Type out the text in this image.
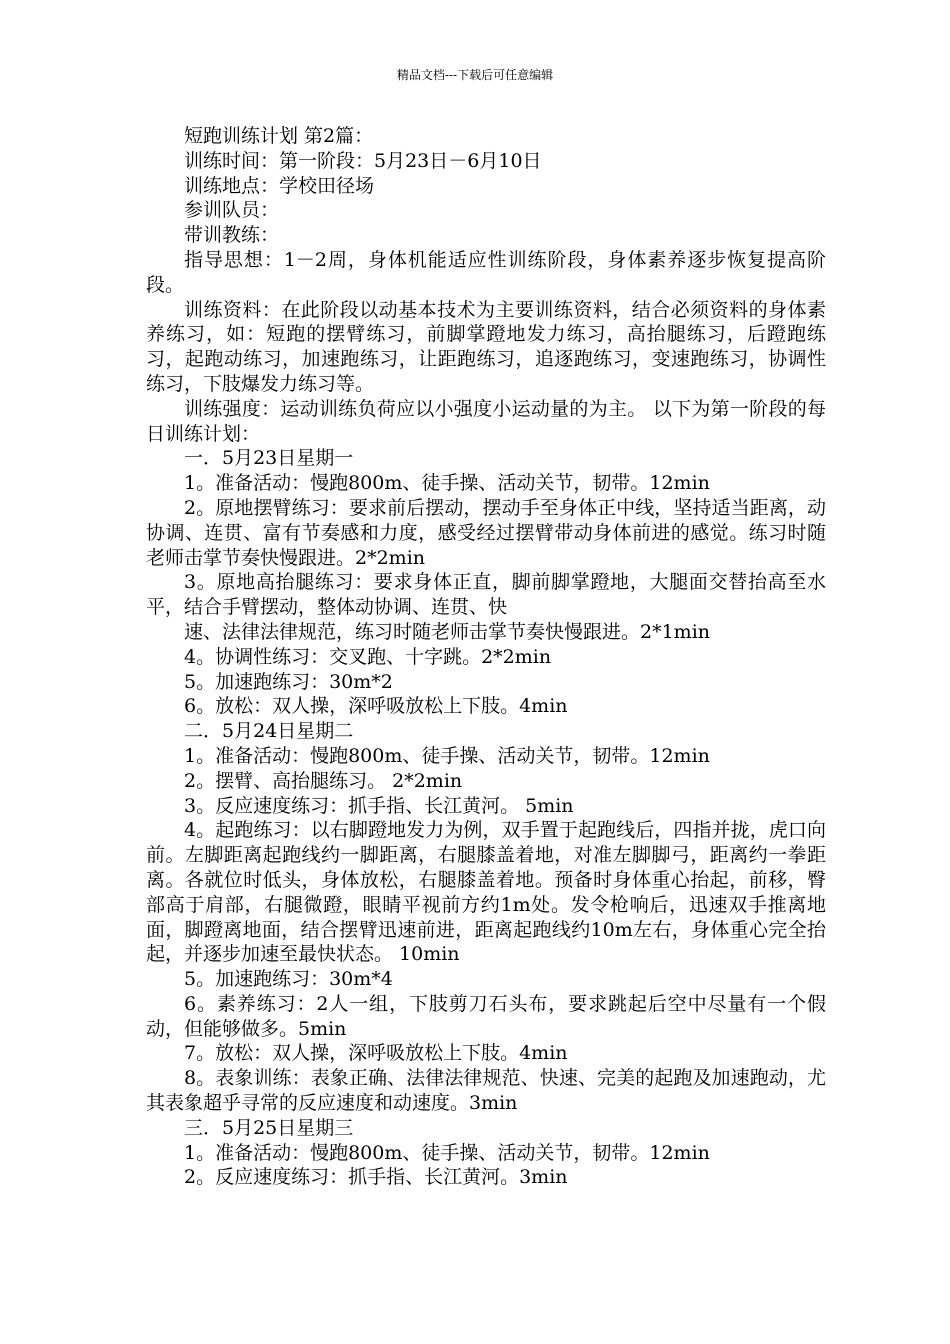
精品文档---下载后可任意编辑

短跑训练计划 第2篇：

训练时间：第一阶段：5月23日－6月10日

训练地点：学校田径场

参训队员：

带训教练：

指导思想：1－2周，身体机能适应性训练阶段，身体素养逐步恢复提高阶段。

训练资料：在此阶段以动基本技术为主要训练资料，结合必须资料的身体素养练习，如：短跑的摆臂练习，前脚掌蹬地发力练习，高抬腿练习，后蹬跑练习，起跑动练习，加速跑练习，让距跑练习，追逐跑练习，变速跑练习，协调性练习，下肢爆发力练习等。

训练强度：运动训练负荷应以小强度小运动量的为主。 以下为第一阶段的每日训练计划：

一．5月23日星期一

1。准备活动：慢跑800m、徒手操、活动关节，韧带。12min

2。原地摆臂练习：要求前后摆动，摆动手至身体正中线，坚持适当距离，动协调、连贯、富有节奏感和力度，感受经过摆臂带动身体前进的感觉。练习时随老师击掌节奏快慢跟进。2*2min

3。原地高抬腿练习：要求身体正直，脚前脚掌蹬地，大腿面交替抬高至水平，结合手臂摆动，整体动协调、连贯、快

速、法律法律规范，练习时随老师击掌节奏快慢跟进。2*1min

4。协调性练习：交叉跑、十字跳。2*2min

5。加速跑练习：30m*2

6。放松：双人操，深呼吸放松上下肢。4min

二．5月24日星期二

1。准备活动：慢跑800m、徒手操、活动关节，韧带。12min

2。摆臂、高抬腿练习。 2*2min

3。反应速度练习：抓手指、长江黄河。 5min

4。起跑练习：以右脚蹬地发力为例，双手置于起跑线后，四指并拢，虎口向前。左脚距离起跑线约一脚距离，右腿膝盖着地，对准左脚脚弓，距离约一拳距离。各就位时低头，身体放松，右腿膝盖着地。预备时身体重心抬起，前移，臀部高于肩部，右腿微蹬，眼睛平视前方约1m处。发令枪响后，迅速双手推离地面，脚蹬离地面，结合摆臂迅速前进，距离起跑线约10m左右，身体重心完全抬起，并逐步加速至最快状态。 10min

5。加速跑练习：30m*4

6。素养练习：2人一组，下肢剪刀石头布，要求跳起后空中尽量有一个假动，但能够做多。5min

7。放松：双人操，深呼吸放松上下肢。4min

8。表象训练：表象正确、法律法律规范、快速、完美的起跑及加速跑动，尤其表象超乎寻常的反应速度和动速度。3min

三．5月25日星期三

1。准备活动：慢跑800m、徒手操、活动关节，韧带。12min

2。反应速度练习：抓手指、长江黄河。3min
